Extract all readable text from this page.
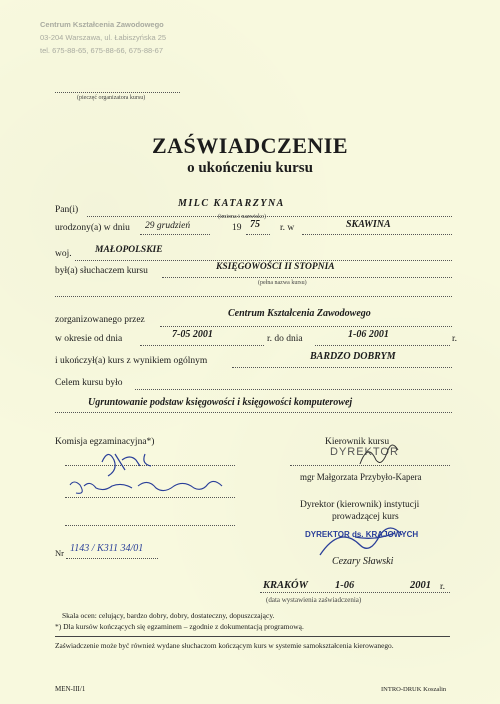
Centrum Kształcenia Zawodowego
03-204 Warszawa, ul. Łabiszyńska 25
tel. 675-88-65, 675-88-66, 675-88-67
(pieczęć organizatora kursu)
ZAŚWIADCZENIE
o ukończeniu kursu
Pan(i)
MILC KATARZYNA
urodzony(a) w dniu 29 grudzień
(imiona i nazwisko)
19 75 r. w	SKAWINA
woj. MAŁOPOLSKIE
był(a) słuchaczem kursu	KSIĘGOWOŚCI II STOPNIA
(pełna nazwa kursu)
zorganizowanego przez
Centrum Kształcenia Zawodowego
w okresie od dnia	7-05 2001	r. do dnia	1-06 2001	r.
i ukończył(a) kurs z wynikiem ogólnym	BARDZO DOBRYM
Celem kursu było
Ugruntowanie podstaw księgowości i księgowości komputerowej
Komisja egzaminacyjna*)	Kierownik kursu
DYREKTOR
mgr Małgorzata Przybyło-Kapera
Dyrektor (kierownik) instytucji
prowadzącej kurs
DYREKTOR ds. KRAJOWYCH
Cezary Sławski
Nr 1143 / K311 34/01
KRAKÓW	1-06	2001 r.
(data wystawienia zaświadczenia)
Skala ocen: celujący, bardzo dobry, dobry, dostateczny, dopuszczający.
*) Dla kursów kończących się egzaminem – zgodnie z dokumentacją programową.
Zaświadczenie może być również wydane słuchaczom kończącym kurs w systemie samokształcenia kierowanego.
MEN-III/1	INTRO-DRUK Koszalin
